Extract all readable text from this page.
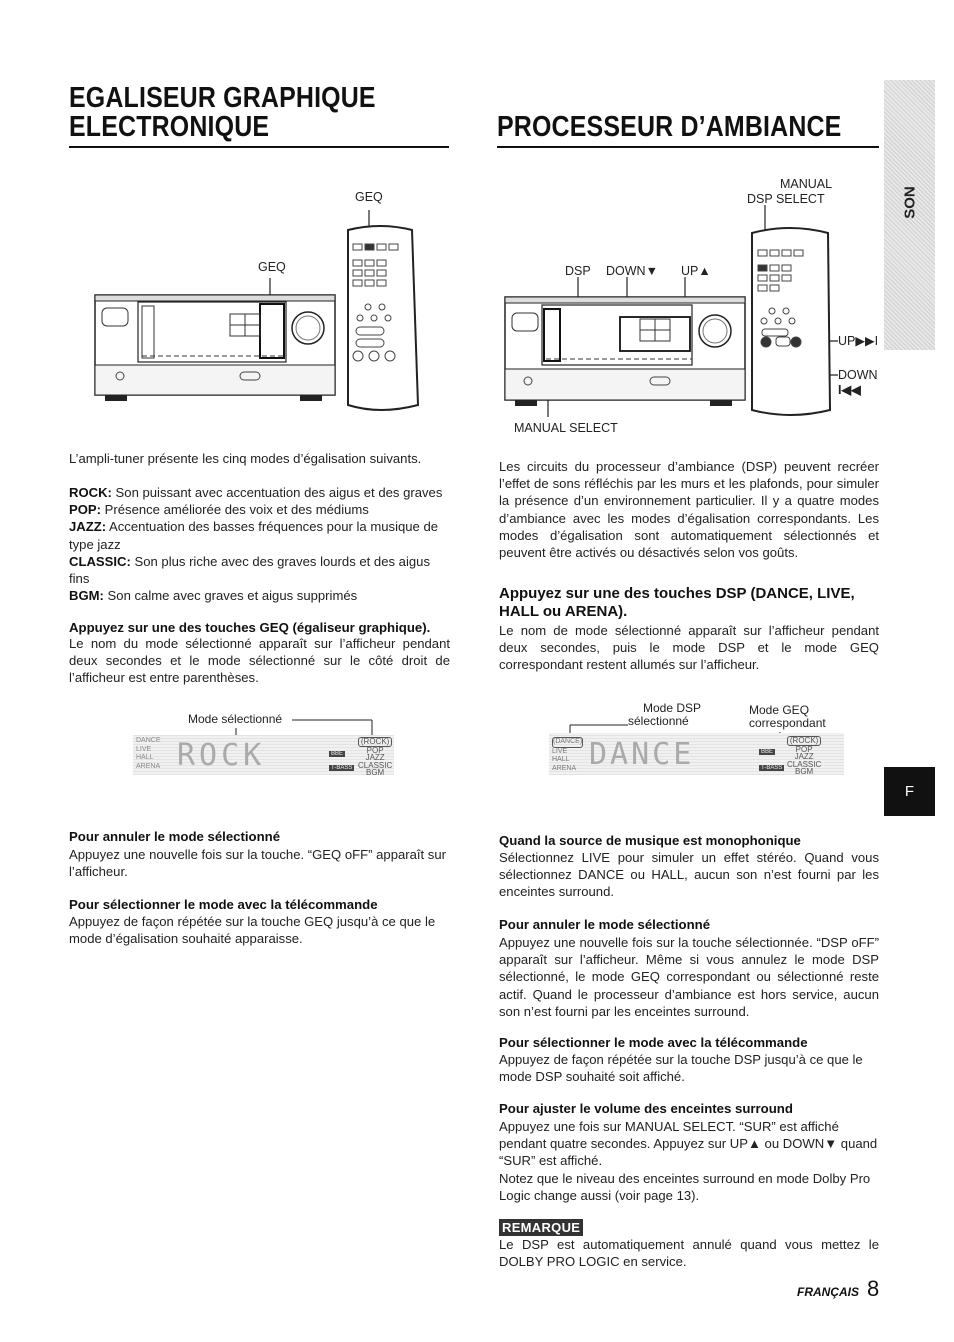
EGALISEUR GRAPHIQUE
ELECTRONIQUE	PROCESSEUR D’AMBIANCE
SON
F
GEQ
GEQ
MANUAL
DSP SELECT
DSP DOWN▼ UP▲
UP▶▶I
DOWN
I◀◀
MANUAL SELECT
L’ampli-tuner présente les cinq modes d’égalisation suivants.

ROCK: Son puissant avec accentuation des aigus et des graves

POP: Présence améliorée des voix et des médiums

JAZZ: Accentuation des basses fréquences pour la musique de type jazz

CLASSIC: Son plus riche avec des graves lourds et des aigus fins

BGM: Son calme avec graves et aigus supprimés

Appuyez sur une des touches GEQ (égaliseur graphique).
Le nom du mode sélectionné apparaît sur l’afficheur pendant deux secondes et le mode sélectionné sur le côté droit de l’afficheur est entre parenthèses.
Mode sélectionné
DANCE
LIVE
HALL
ARENA ROCK	BBE
T-BASS
(ROCK)
POP
JAZZ
CLASSIC
BGM
Pour annuler le mode sélectionné
Appuyez une nouvelle fois sur la touche. “GEQ oFF” apparaît sur l’afficheur.
Pour sélectionner le mode avec la télécommande
Appuyez de façon répétée sur la touche GEQ jusqu’à ce que le mode d’égalisation souhaité apparaisse.
Les circuits du processeur d’ambiance (DSP) peuvent recréer l’effet de sons réfléchis par les murs et les plafonds, pour simuler la présence d’un environnement particulier. Il y a quatre modes d’ambiance avec les modes d’égalisation correspondants. Les modes d’égalisation sont automatiquement sélectionnés et peuvent être activés ou désactivés selon vos goûts.
Appuyez sur une des touches DSP (DANCE, LIVE, HALL ou ARENA).
Le nom de mode sélectionné apparaît sur l’afficheur pendant deux secondes, puis le mode DSP et le mode GEQ correspondant restent allumés sur l’afficheur.
Mode DSP
sélectionné
Mode GEQ
correspondant
(DANCE)
LIVE
HALL
ARENA DANCE	BBE
T-BASS
(ROCK)
POP
JAZZ
CLASSIC
BGM
Quand la source de musique est monophonique
Sélectionnez LIVE pour simuler un effet stéréo. Quand vous sélectionnez DANCE ou HALL, aucun son n’est fourni par les enceintes surround.
Pour annuler le mode sélectionné
Appuyez une nouvelle fois sur la touche sélectionnée. “DSP oFF” apparaît sur l’afficheur. Même si vous annulez le mode DSP sélectionné, le mode GEQ correspondant ou sélectionné reste actif. Quand le processeur d’ambiance est hors service, aucun son n’est fourni par les enceintes surround.
Pour sélectionner le mode avec la télécommande
Appuyez de façon répétée sur la touche DSP jusqu’à ce que le mode DSP souhaité soit affiché.
Pour ajuster le volume des enceintes surround

Appuyez une fois sur MANUAL SELECT. “SUR” est affiché pendant quatre secondes. Appuyez sur UP▲ ou DOWN▼ quand “SUR” est affiché.

Notez que le niveau des enceintes surround en mode Dolby Pro Logic change aussi (voir page 13).

REMARQUE
Le DSP est automatiquement annulé quand vous mettez le DOLBY PRO LOGIC en service.
FRANÇAIS 8
